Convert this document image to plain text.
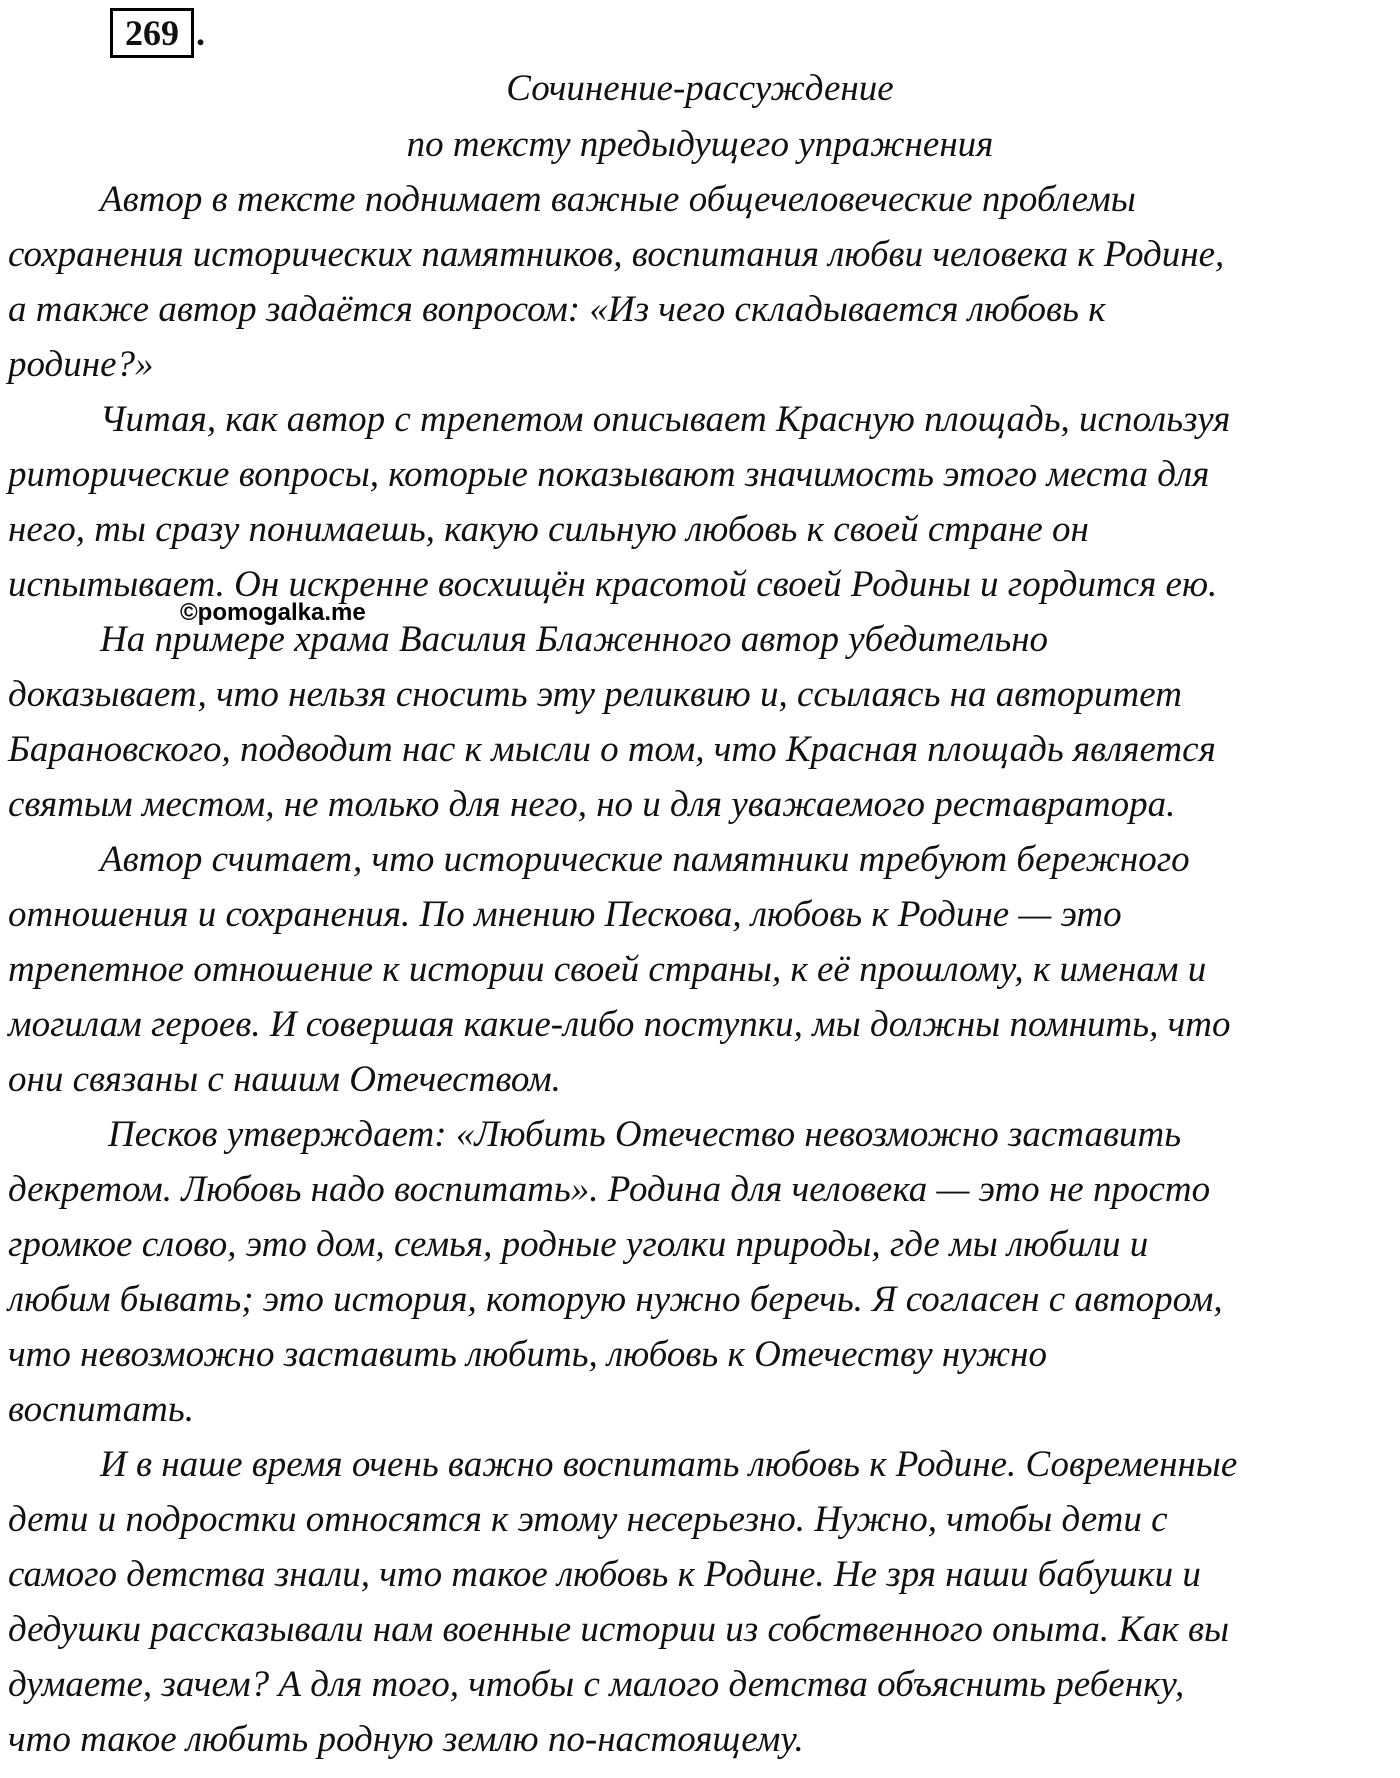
269 .
Сочинение-рассуждение
по тексту предыдущего упражнения
Автор в тексте поднимает важные общечеловеческие проблемы
сохранения исторических памятников, воспитания любви человека к Родине,
а также автор задаётся вопросом: «Из чего складывается любовь к
родине?»
Читая, как автор с трепетом описывает Красную площадь, используя
риторические вопросы, которые показывают значимость этого места для
него, ты сразу понимаешь, какую сильную любовь к своей стране он
испытывает. Он искренне восхищён красотой своей Родины и гордится ею.
На примере храма Василия Блаженного автор убедительно
доказывает, что нельзя сносить эту реликвию и, ссылаясь на авторитет
Барановского, подводит нас к мысли о том, что Красная площадь является
святым местом, не только для него, но и для уважаемого реставратора.
Автор считает, что исторические памятники требуют бережного
отношения и сохранения. По мнению Пескова, любовь к Родине — это
трепетное отношение к истории своей страны, к её прошлому, к именам и
могилам героев. И совершая какие-либо поступки, мы должны помнить, что
они связаны с нашим Отечеством.
Песков утверждает: «Любить Отечество невозможно заставить
декретом. Любовь надо воспитать». Родина для человека — это не просто
громкое слово, это дом, семья, родные уголки природы, где мы любили и
любим бывать; это история, которую нужно беречь. Я согласен с автором,
что невозможно заставить любить, любовь к Отечеству нужно
воспитать.
И в наше время очень важно воспитать любовь к Родине. Современные
дети и подростки относятся к этому несерьезно. Нужно, чтобы дети с
самого детства знали, что такое любовь к Родине. Не зря наши бабушки и
дедушки рассказывали нам военные истории из собственного опыта. Как вы
думаете, зачем? А для того, чтобы с малого детства объяснить ребенку,
что такое любить родную землю по-настоящему.
©pomogalka.me
